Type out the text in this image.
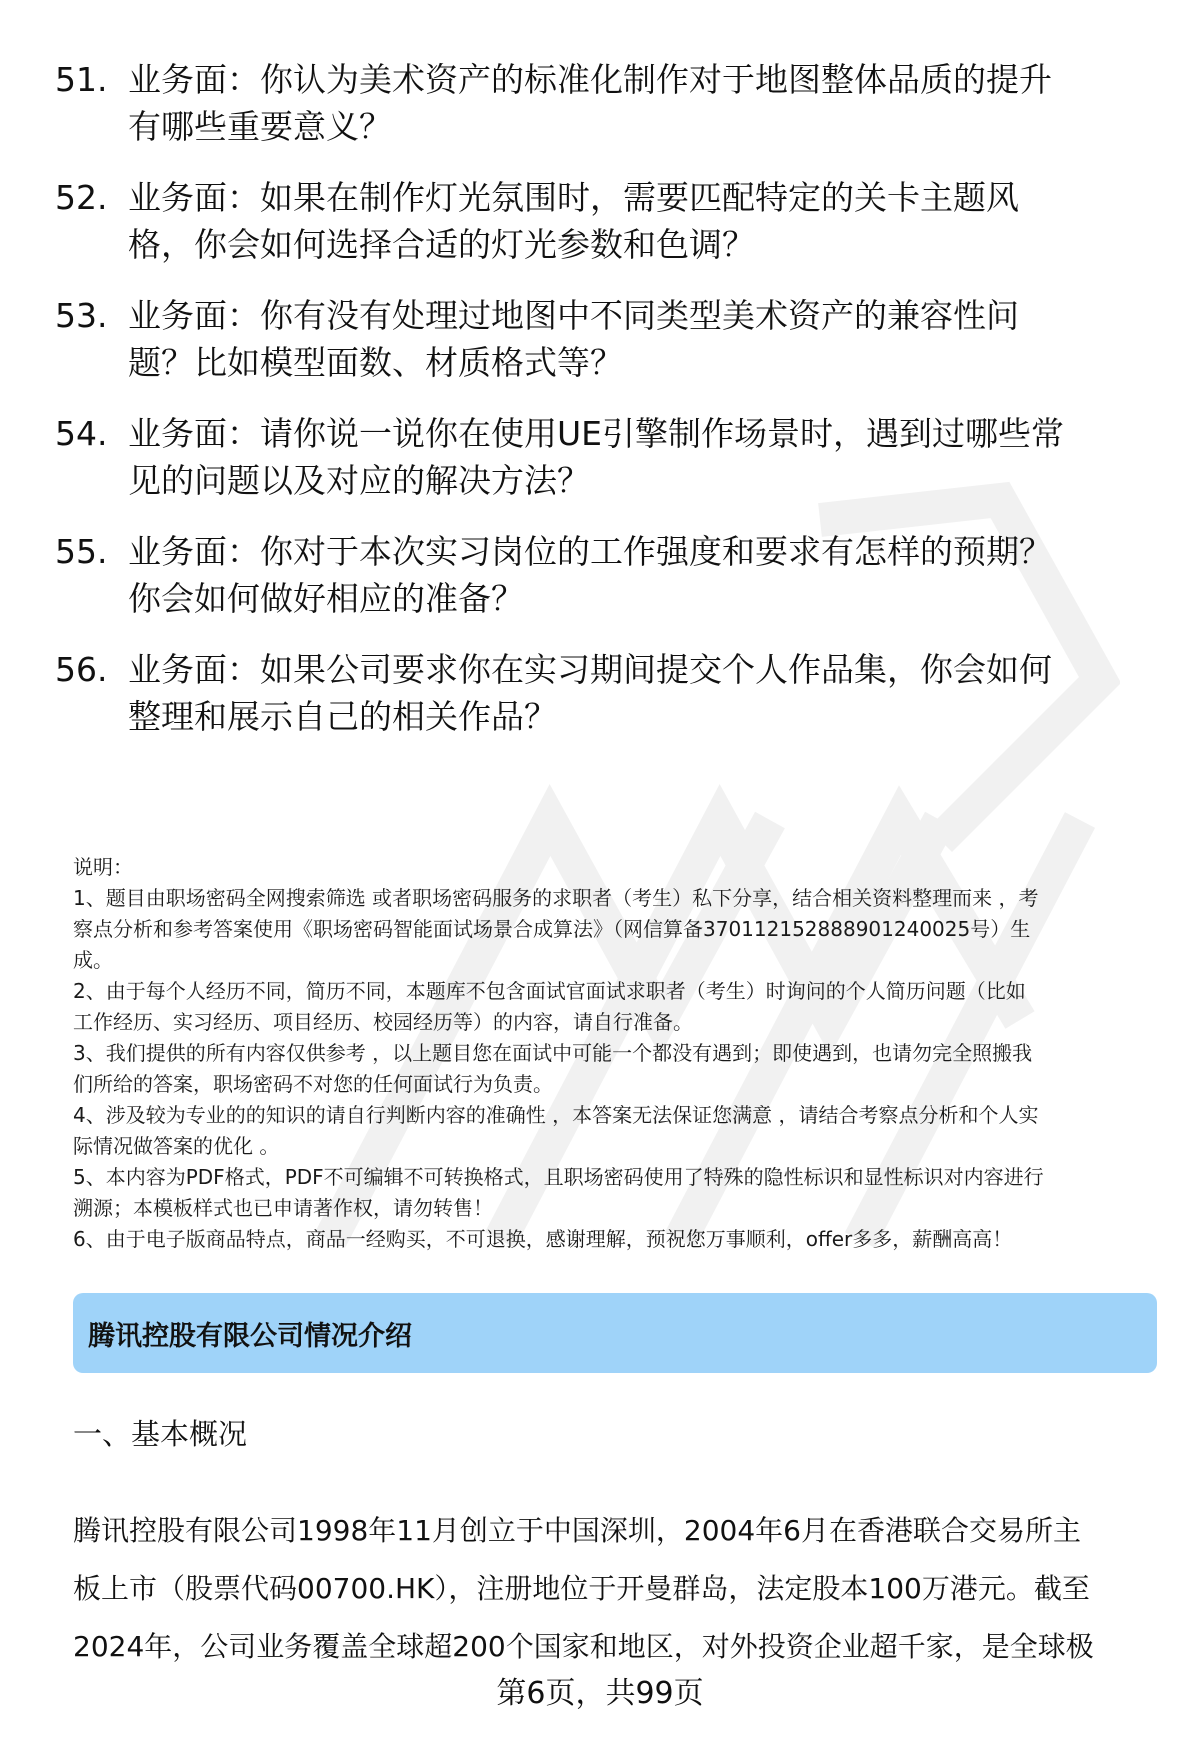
51. 业务面：你认为美术资产的标准化制作对于地图整体品质的提升
有哪些重要意义？
52. 业务面：如果在制作灯光氛围时，需要匹配特定的关卡主题风
格，你会如何选择合适的灯光参数和色调？
53. 业务面：你有没有处理过地图中不同类型美术资产的兼容性问
题？比如模型面数、材质格式等？
54. 业务面：请你说一说你在使用UE引擎制作场景时，遇到过哪些常
见的问题以及对应的解决方法？
55. 业务面：你对于本次实习岗位的工作强度和要求有怎样的预期？
你会如何做好相应的准备？
56. 业务面：如果公司要求你在实习期间提交个人作品集，你会如何
整理和展示自己的相关作品？

说明：

1、题目由职场密码全网搜索筛选 或者职场密码服务的求职者（考生）私下分享，结合相关资料整理而来 ，考

察点分析和参考答案使用《职场密码智能面试场景合成算法》（网信算备370112152888901240025号）生

成。

2、由于每个人经历不同，简历不同，本题库不包含面试官面试求职者（考生）时询问的个人简历问题（比如

工作经历、实习经历、项目经历、校园经历等）的内容，请自行准备。

3、我们提供的所有内容仅供参考 ，以上题目您在面试中可能一个都没有遇到；即使遇到，也请勿完全照搬我

们所给的答案，职场密码不对您的任何面试行为负责。

4、涉及较为专业的的知识的请自行判断内容的准确性 ，本答案无法保证您满意 ，请结合考察点分析和个人实

际情况做答案的优化 。

5、本内容为PDF格式，PDF不可编辑不可转换格式，且职场密码使用了特殊的隐性标识和显性标识对内容进行

溯源；本模板样式也已申请著作权，请勿转售！

6、由于电子版商品特点，商品一经购买，不可退换，感谢理解，预祝您万事顺利，offer多多，薪酬高高！

腾讯控股有限公司情况介绍
一、基本概况
腾讯控股有限公司1998年11月创立于中国深圳，2004年6月在香港联合交易所主
板上市（股票代码00700.HK），注册地位于开曼群岛，法定股本100万港元。截至
2024年，公司业务覆盖全球超200个国家和地区，对外投资企业超千家，是全球极
第6页，共99页
